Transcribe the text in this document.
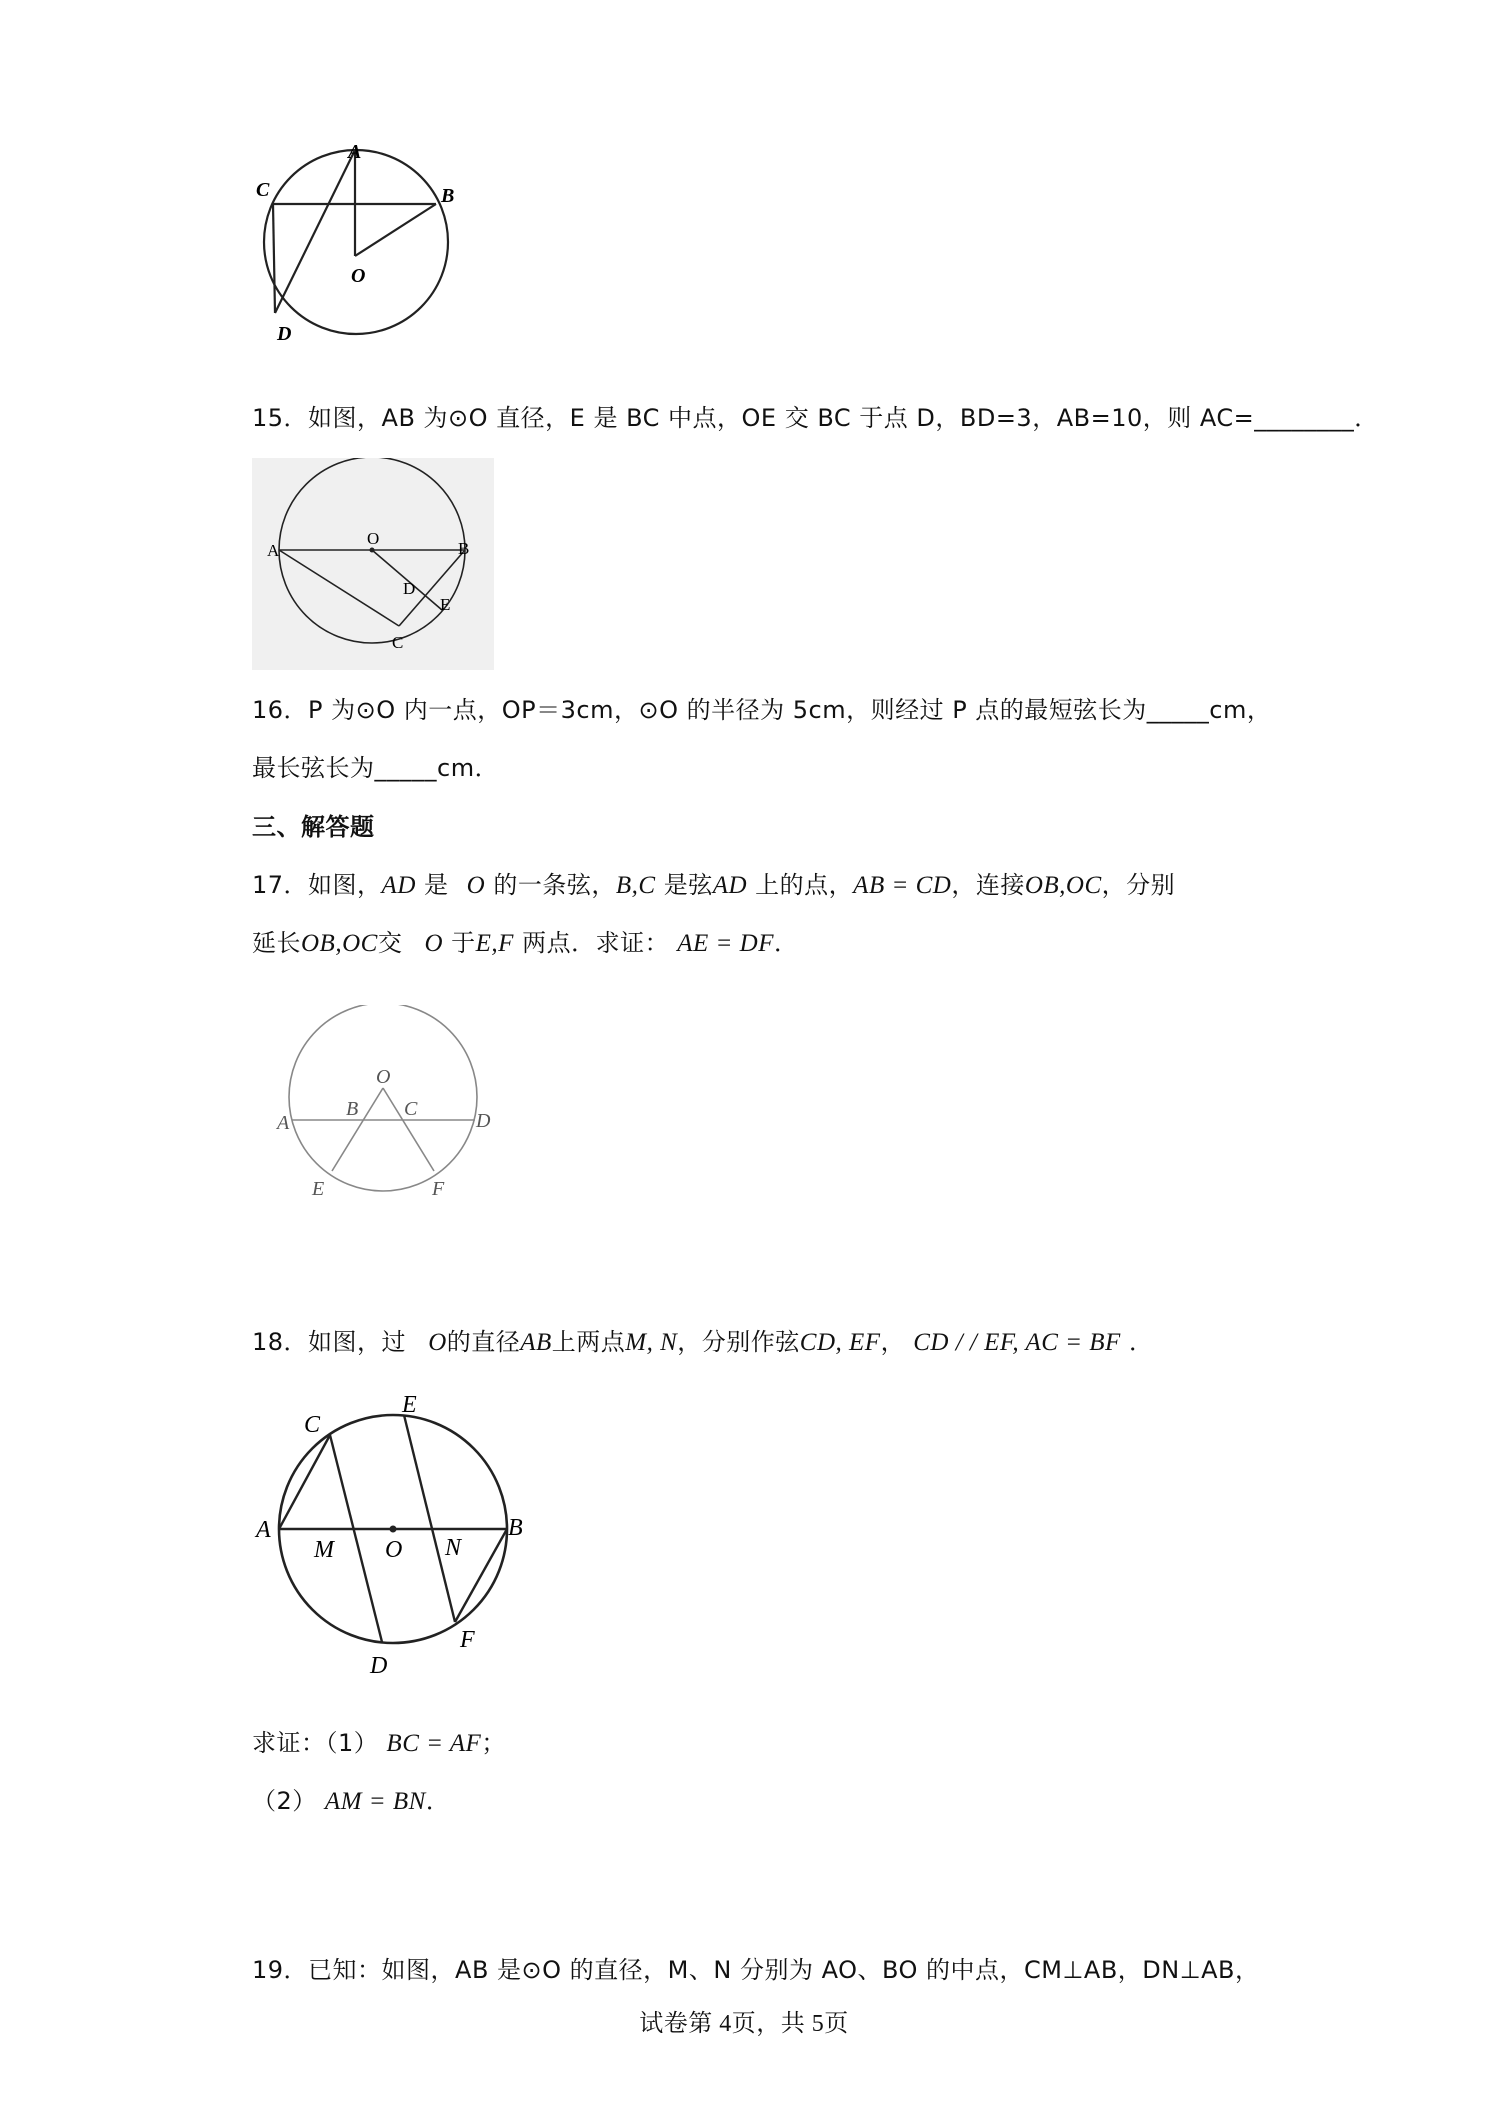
A
B
C
D
O
15．如图，AB 为⊙O 直径，E 是 BC 中点，OE 交 BC 于点 D，BD=3，AB=10，则 AC=________．
A
O
B
D
E
C
16．P 为⊙O 内一点，OP＝3cm，⊙O 的半径为 5cm，则经过 P 点的最短弦长为_____cm，
最长弦长为_____cm．
三、解答题
17．如图，AD 是 O 的一条弦，B,C 是弦AD 上的点，AB = CD，连接OB,OC，分别
延长OB,OC交 O 于E,F 两点．求证： AE = DF．
O
A
B C
D
E	F
18．如图，过 O的直径AB上两点M, N，分别作弦CD, EF， CD / / EF, AC = BF ．
C
E
A
M O N
B
F
D
求证：（1） BC = AF；
（2） AM = BN．
19．已知：如图，AB 是⊙O 的直径，M、N 分别为 AO、BO 的中点，CM⊥AB，DN⊥AB，
试卷第 4页，共 5页
